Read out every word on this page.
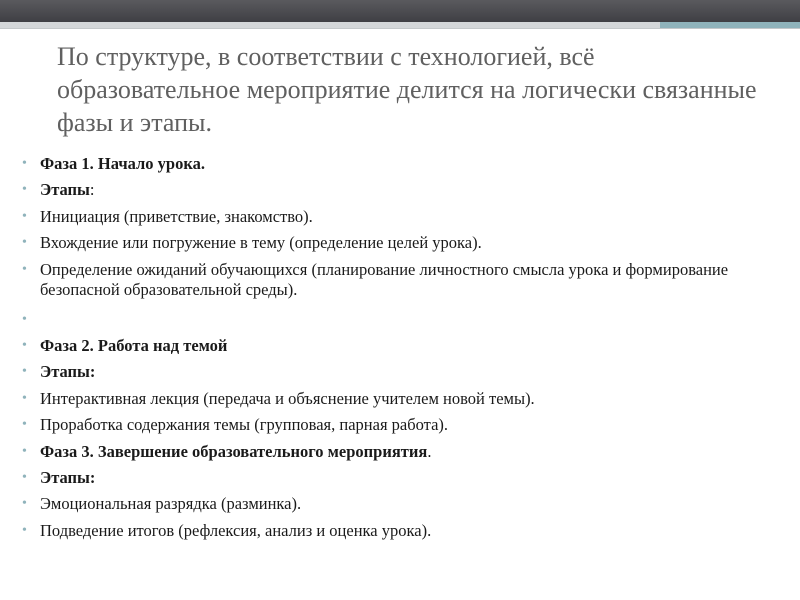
По структуре, в соответствии с технологией, всё образовательное мероприятие делится на логически связанные фазы и этапы.
• Фаза 1. Начало урока.
• Этапы:
• Инициация (приветствие, знакомство).
• Вхождение или погружение в тему (определение целей урока).
• Определение ожиданий обучающихся (планирование личностного смысла урока и формирование безопасной образовательной среды).
•

• Фаза 2. Работа над темой
• Этапы:
• Интерактивная лекция (передача и объяснение учителем новой темы).
• Проработка содержания темы (групповая, парная работа).
• Фаза 3. Завершение образовательного мероприятия.
• Этапы:
• Эмоциональная разрядка (разминка).
• Подведение итогов (рефлексия, анализ и оценка урока).
